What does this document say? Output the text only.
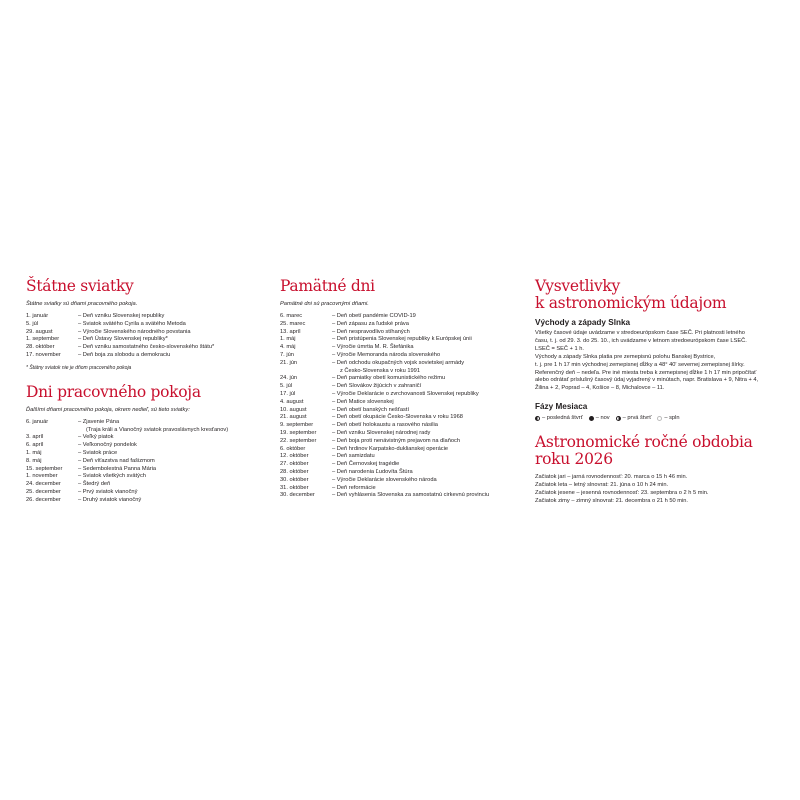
Štátne sviatky
Štátne sviatky sú dňami pracovného pokoja.
1. január	– Deň vzniku Slovenskej republiky
5. júl	– Sviatok svätého Cyrila a svätého Metoda
29. august	– Výročie Slovenského národného povstania
1. september	– Deň Ústavy Slovenskej republiky*
28. október	– Deň vzniku samostatného česko-slovenského štátu*
17. november	– Deň boja za slobodu a demokraciu
* Štátny sviatok nie je dňom pracovného pokoja
Dni pracovného pokoja
Ďalšími dňami pracovného pokoja, okrem nedieľ, sú tieto sviatky:
6. január	– Zjavenie Pána
(Traja králi a Vianočný sviatok pravoslávnych kresťanov)
3. apríl	– Veľký piatok
6. apríl	– Veľkonočný pondelok
1. máj	– Sviatok práce
8. máj	– Deň víťazstva nad fašizmom
15. september	– Sedembolestná Panna Mária
1. november	– Sviatok všetkých svätých
24. december	– Štedrý deň
25. december	– Prvý sviatok vianočný
26. december	– Druhý sviatok vianočný
Pamätné dni
Pamätné dni sú pracovnými dňami.
6. marec	– Deň obetí pandémie COVID-19
25. marec	– Deň zápasu za ľudské práva
13. apríl	– Deň nespravodlivo stíhaných
1. máj	– Deň pristúpenia Slovenskej republiky k Európskej únii
4. máj	– Výročie úmrtia M. R. Štefánika
7. jún	– Výročie Memoranda národa slovenského
21. jún	– Deň odchodu okupačných vojsk sovietskej armády
z Česko-Slovenska v roku 1991
24. jún	– Deň pamiatky obetí komunistického režimu
5. júl	– Deň Slovákov žijúcich v zahraničí
17. júl	– Výročie Deklarácie o zvrchovanosti Slovenskej republiky
4. august	– Deň Matice slovenskej
10. august	– Deň obetí banských nešťastí
21. august	– Deň obetí okupácie Česko-Slovenska v roku 1968
9. september	– Deň obetí holokaustu a rasového násilia
19. september	– Deň vzniku Slovenskej národnej rady
22. september	– Deň boja proti nenávistným prejavom na dlaňoch
6. október	– Deň hrdinov Karpatsko-duklianskej operácie
12. október	– Deň samizdatu
27. október	– Deň Černovskej tragédie
28. október	– Deň narodenia Ľudovíta Štúra
30. október	– Výročie Deklarácie slovenského národa
31. október	– Deň reformácie
30. december	– Deň vyhlásenia Slovenska za samostatnú cirkevnú provinciu
Vysvetlivky
k astronomickým údajom
Východy a západy Slnka
Všetky časové údaje uvádzame v stredoeurópskom čase SEČ. Pri platnosti letného
času, t. j. od 29. 3. do 25. 10., ich uvádzame v letnom stredoeurópskom čase LSEČ.
LSEČ = SEČ + 1 h.
Východy a západy Slnka platia pre zemepisnú polohu Banskej Bystrice,
t. j. pre 1 h 17 min východnej zemepisnej dĺžky a 48° 40' severnej zemepisnej šírky.
Referenčný deň – nedeľa. Pre iné miesta treba k zemepisnej dĺžke 1 h 17 min pripočítať
alebo odrátať príslušný časový údaj vyjadrený v minútach, napr. Bratislava + 9, Nitra + 4,
Žilina + 2, Poprad – 4, Košice – 8, Michalovce – 11.
Fázy Mesiaca
– posledná štvrť – nov – prvá štvrť – spln
Astronomické ročné obdobia
roku 2026
Začiatok jari – jarná rovnodennosť: 20. marca o 15 h 46 min.
Začiatok leta – letný slnovrat: 21. júna o 10 h 24 min.
Začiatok jesene – jesenná rovnodennosť: 23. septembra o 2 h 5 min.
Začiatok zimy – zimný slnovrat: 21. decembra o 21 h 50 min.
